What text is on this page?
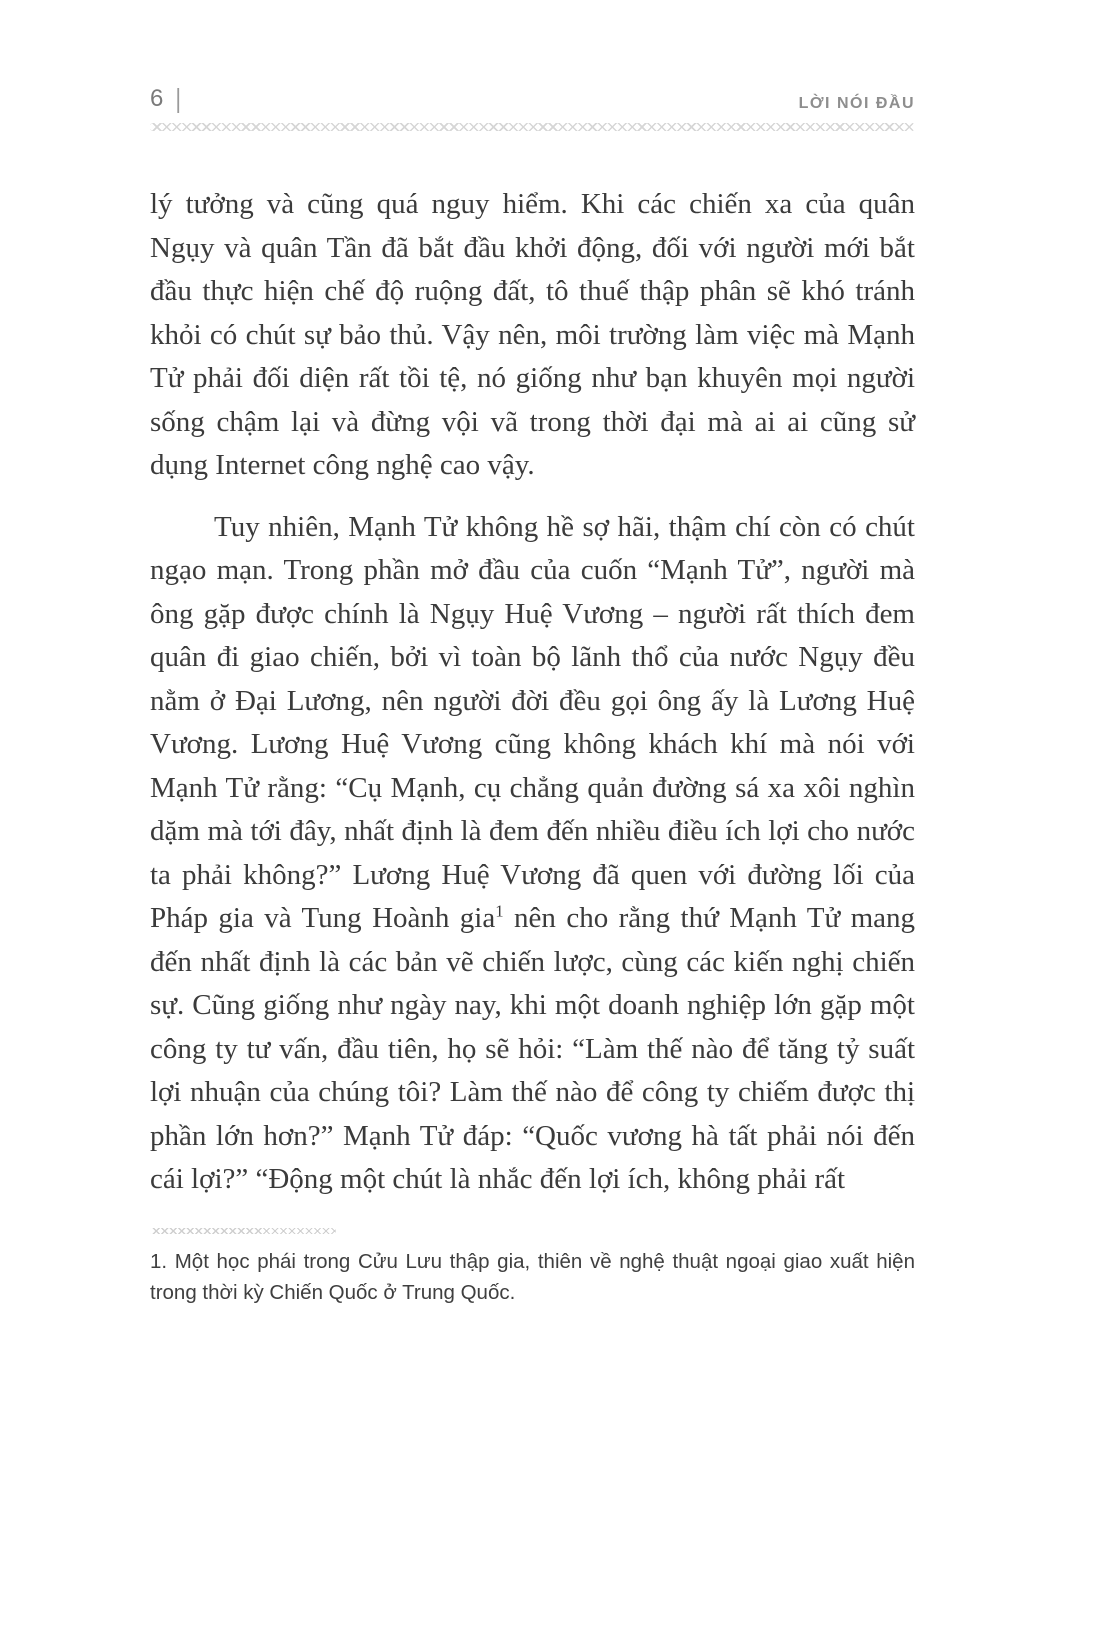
6 |	LỜI NÓI ĐẦU

lý tưởng và cũng quá nguy hiểm. Khi các chiến xa của quân Ngụy và quân Tần đã bắt đầu khởi động, đối với người mới bắt đầu thực hiện chế độ ruộng đất, tô thuế thập phân sẽ khó tránh khỏi có chút sự bảo thủ. Vậy nên, môi trường làm việc mà Mạnh Tử phải đối diện rất tồi tệ, nó giống như bạn khuyên mọi người sống chậm lại và đừng vội vã trong thời đại mà ai ai cũng sử dụng Internet công nghệ cao vậy.

Tuy nhiên, Mạnh Tử không hề sợ hãi, thậm chí còn có chút ngạo mạn. Trong phần mở đầu của cuốn “Mạnh Tử”, người mà ông gặp được chính là Ngụy Huệ Vương – người rất thích đem quân đi giao chiến, bởi vì toàn bộ lãnh thổ của nước Ngụy đều nằm ở Đại Lương, nên người đời đều gọi ông ấy là Lương Huệ Vương. Lương Huệ Vương cũng không khách khí mà nói với Mạnh Tử rằng: “Cụ Mạnh, cụ chẳng quản đường sá xa xôi nghìn dặm mà tới đây, nhất định là đem đến nhiều điều ích lợi cho nước ta phải không?” Lương Huệ Vương đã quen với đường lối của Pháp gia và Tung Hoành gia$^1$ nên cho rằng thứ Mạnh Tử mang đến nhất định là các bản vẽ chiến lược, cùng các kiến nghị chiến sự. Cũng giống như ngày nay, khi một doanh nghiệp lớn gặp một công ty tư vấn, đầu tiên, họ sẽ hỏi: “Làm thế nào để tăng tỷ suất lợi nhuận của chúng tôi? Làm thế nào để công ty chiếm được thị phần lớn hơn?” Mạnh Tử đáp: “Quốc vương hà tất phải nói đến cái lợi?” “Động một chút là nhắc đến lợi ích, không phải rất

1. Một học phái trong Cửu Lưu thập gia, thiên về nghệ thuật ngoại giao xuất hiện trong thời kỳ Chiến Quốc ở Trung Quốc.
